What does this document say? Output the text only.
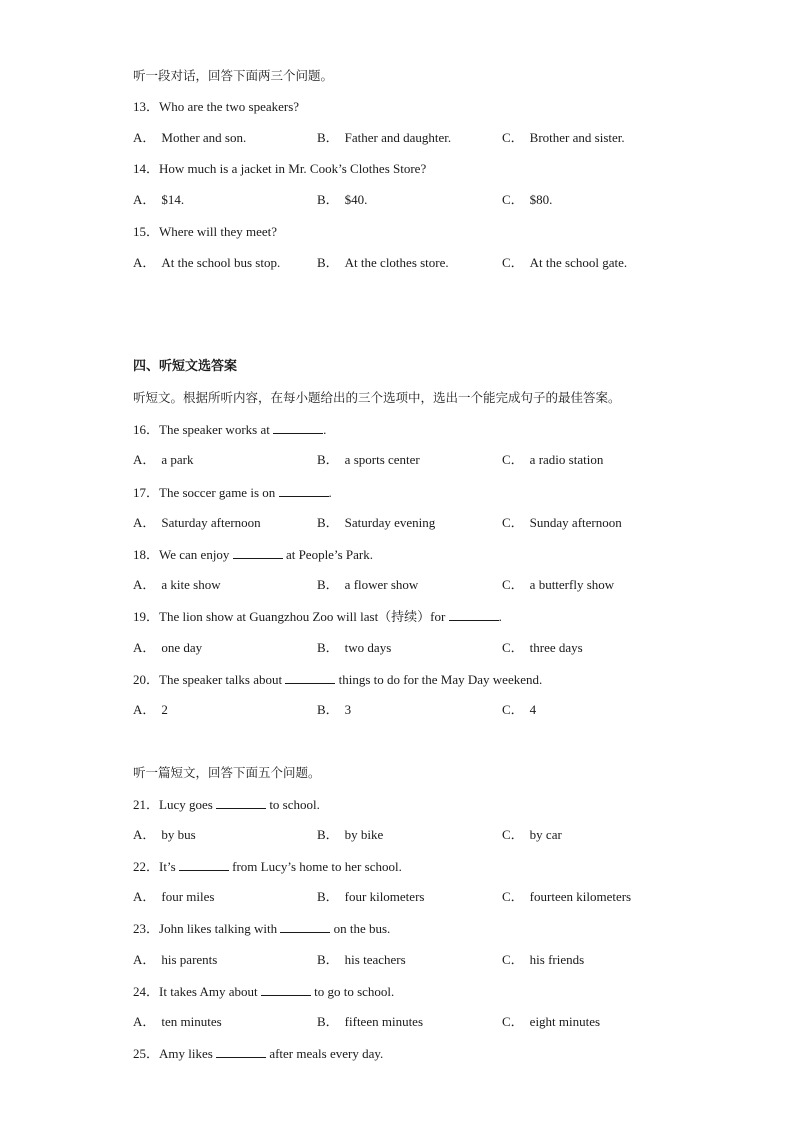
听一段对话，回答下面两三个问题。
13．Who are the two speakers?
A． Mother and son.	B． Father and daughter.	C． Brother and sister.
14．How much is a jacket in Mr. Cook’s Clothes Store?
A． $14.	B． $40.	C． $80.
15．Where will they meet?
A． At the school bus stop.	B． At the clothes store.	C． At the school gate.
四、听短文选答案
听短文。根据所听内容，在每小题给出的三个选项中，选出一个能完成句子的最佳答案。
16．The speaker works at	.
A． a park	B． a sports center	C． a radio station
17．The soccer game is on	.
A． Saturday afternoon	B． Saturday evening	C． Sunday afternoon
18．We can enjoy	at People’s Park.
A． a kite show	B． a flower show	C． a butterfly show
19．The lion show at Guangzhou Zoo will last（持续）for	.
A． one day	B． two days	C． three days
20．The speaker talks about	things to do for the May Day weekend.
A． 2	B． 3	C． 4
听一篇短文，回答下面五个问题。
21．Lucy goes	to school.
A． by bus	B． by bike	C． by car
22．It’s	from Lucy’s home to her school.
A． four miles	B． four kilometers	C． fourteen kilometers
23．John likes talking with	on the bus.
A． his parents	B． his teachers	C． his friends
24．It takes Amy about	to go to school.
A． ten minutes	B． fifteen minutes	C． eight minutes
25．Amy likes	after meals every day.
